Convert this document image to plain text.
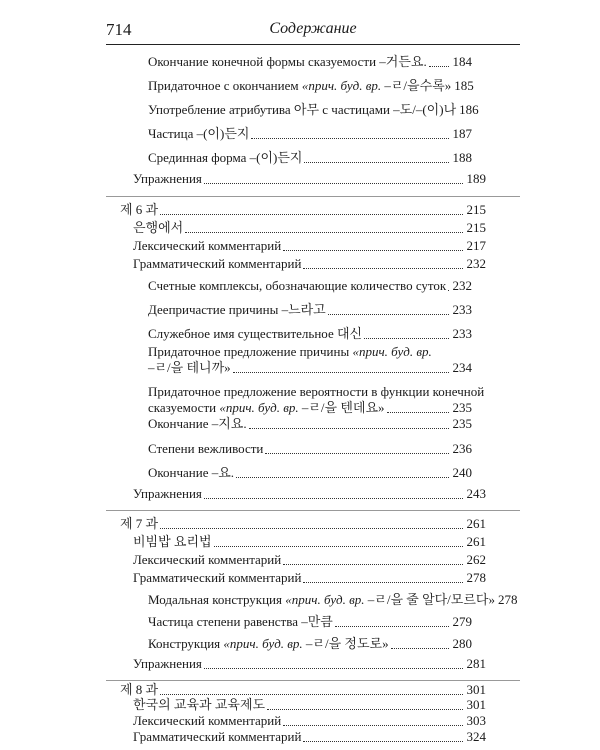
714	Содержание
Окончание конечной формы сказуемости –거든요. 184
Придаточное с окончанием «прич. буд. вр. –ㄹ/을수록» 185
Употребление атрибутива 아무 с частицами –도/–(이)나 186
Частица –(이)든지	187
Срединная форма –(이)든지	188
Упражнения	189
제 6 과	215
은행에서	215
Лексический комментарий	217
Грамматический комментарий	232
Счетные комплексы, обозначающие количество суток 232
Деепричастие причины –느라고	233
Служебное имя существительное 대신	233
Придаточное предложение причины «прич. буд. вр.
–ㄹ/을 테니까»	234
Придаточное предложение вероятности в функции конечной
сказуемости «прич. буд. вр. –ㄹ/을 텐데요»	235
Окончание –지요.	235
Степени вежливости	236
Окончание –요.	240
Упражнения	243
제 7 과	261
비빔밥 요리법	261
Лексический комментарий	262
Грамматический комментарий	278
Модальная конструкция «прич. буд. вр. –ㄹ/을 줄 알다/모르다» 278
Частица степени равенства –만큼	279
Конструкция «прич. буд. вр. –ㄹ/을 정도로»	280
Упражнения	281
제 8 과	301
한국의 교육과 교육제도	301
Лексический комментарий	303
Грамматический комментарий	324
